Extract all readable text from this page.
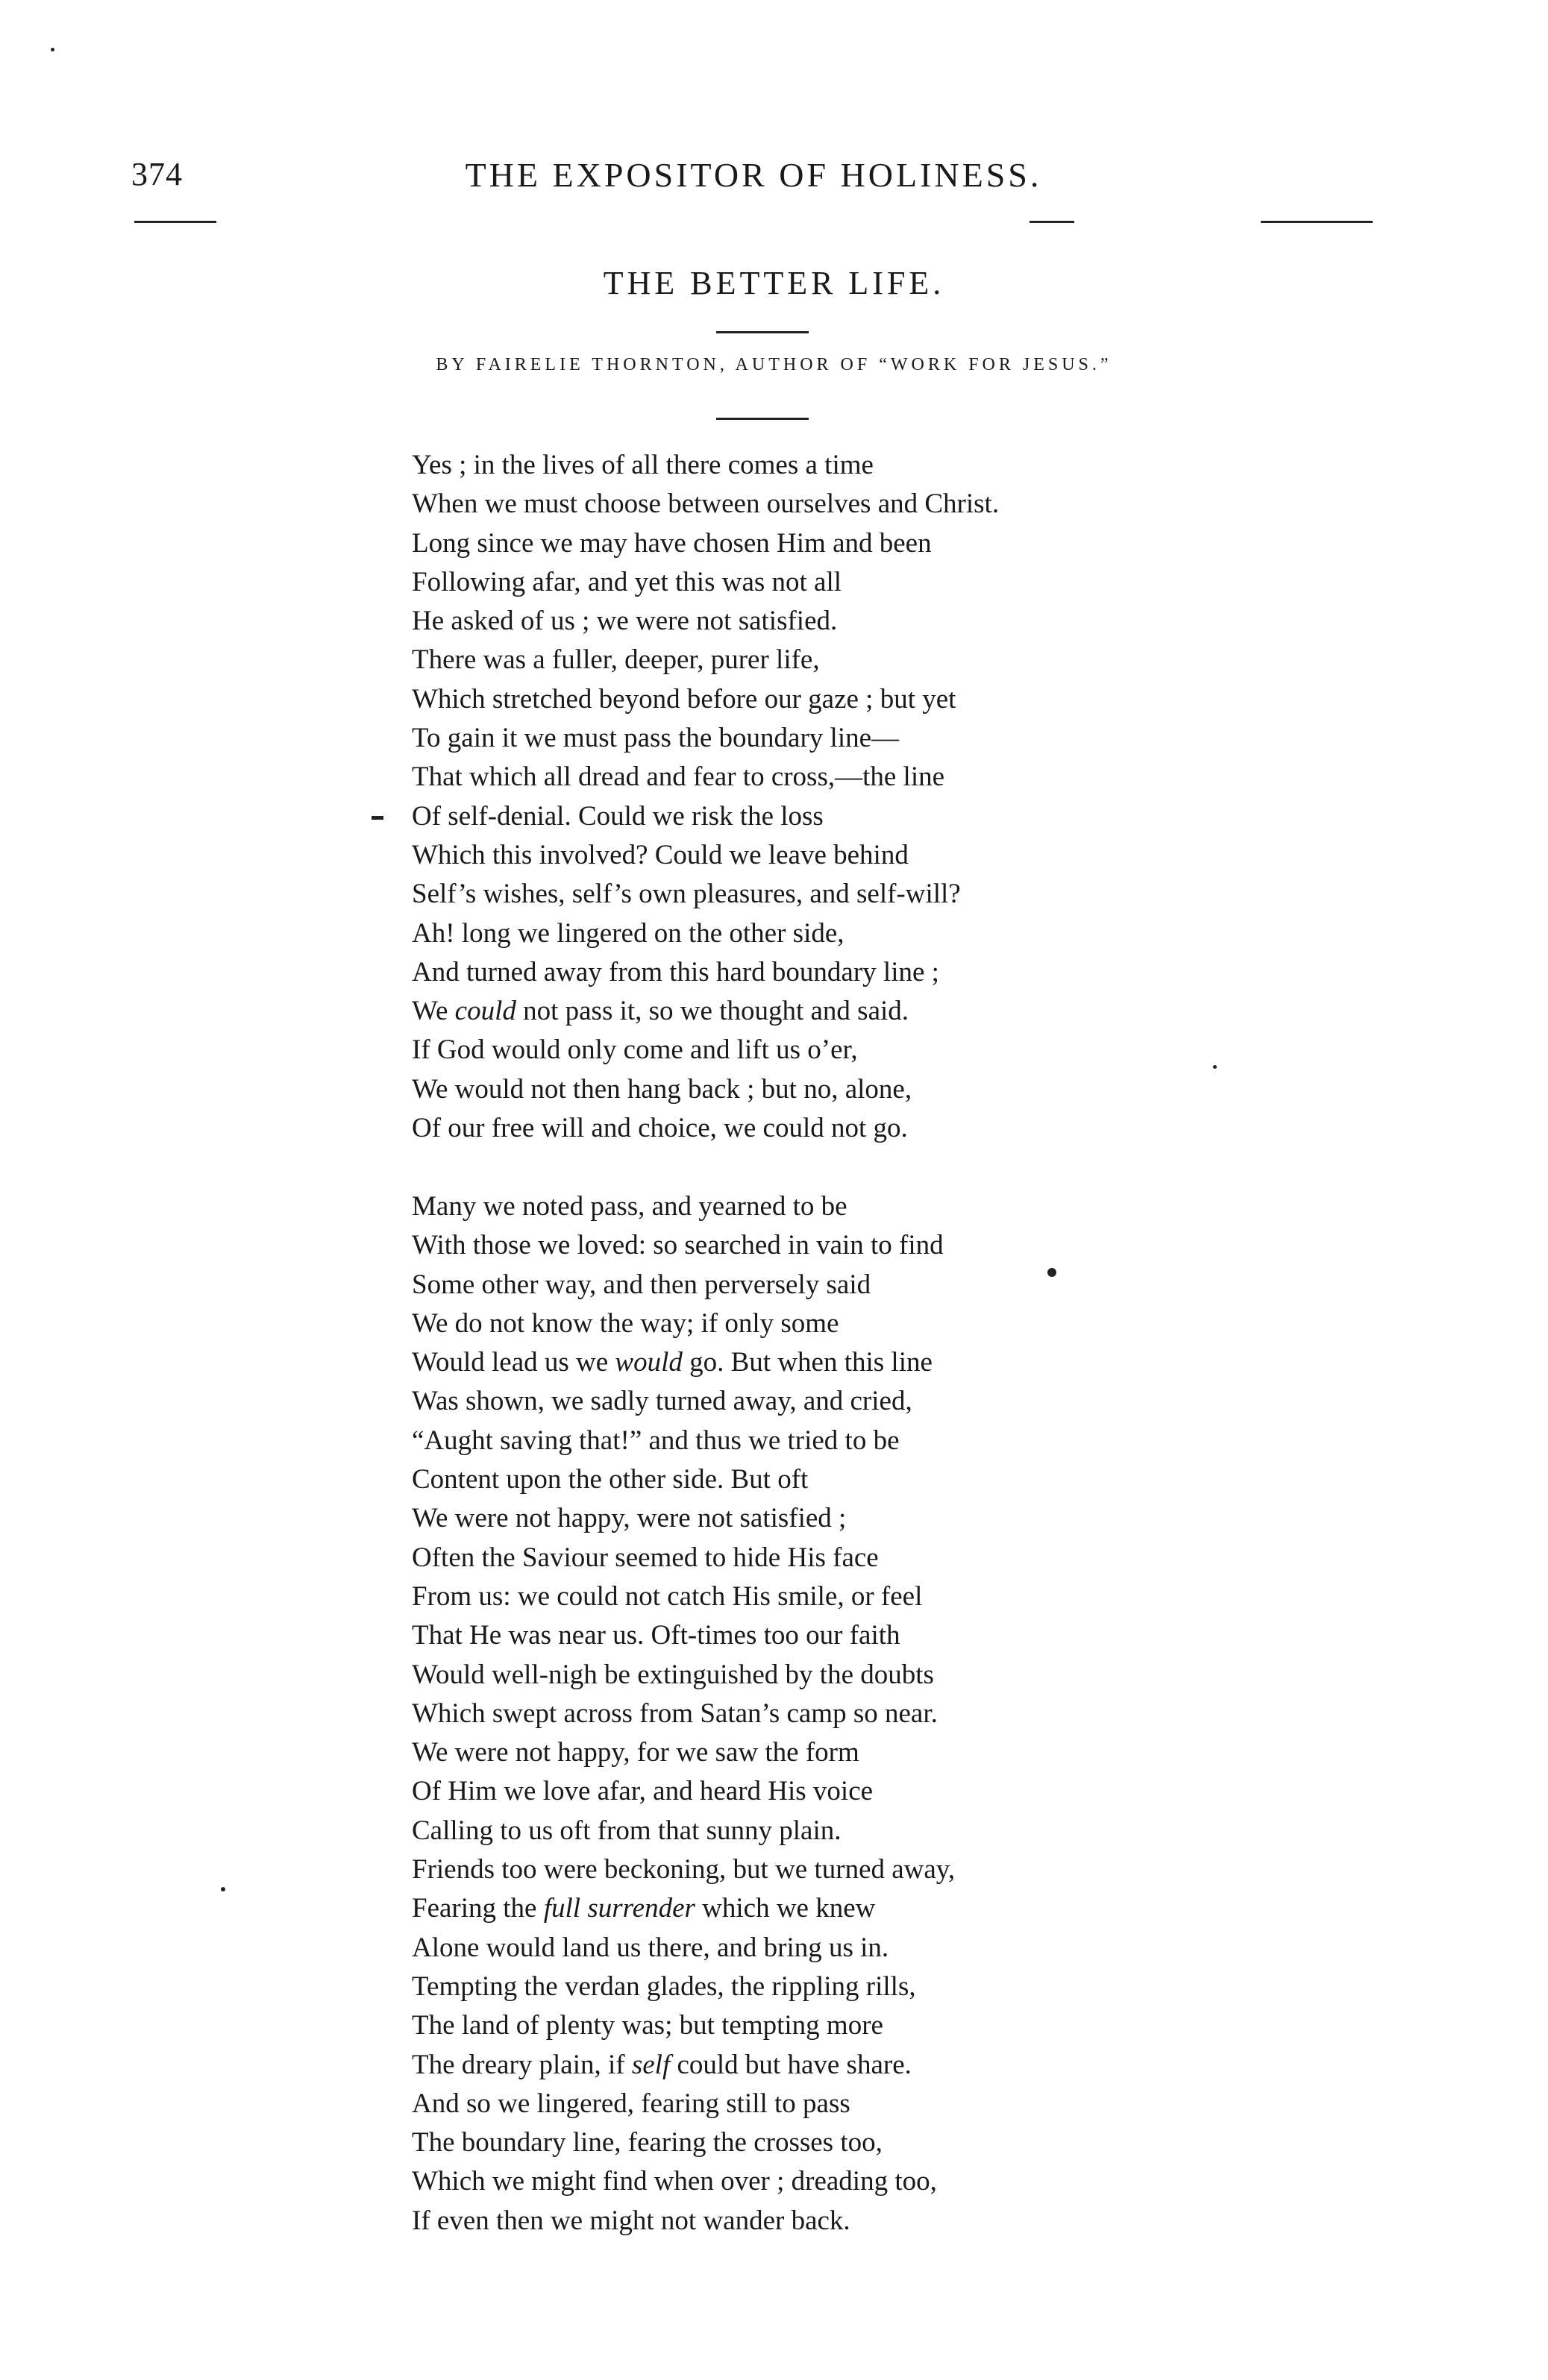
374	THE EXPOSITOR OF HOLINESS.
THE BETTER LIFE.
BY FAIRELIE THORNTON, AUTHOR OF “WORK FOR JESUS.”
Yes ; in the lives of all there comes a time
When we must choose between ourselves and Christ.
Long since we may have chosen Him and been
Following afar, and yet this was not all
He asked of us ; we were not satisfied.
There was a fuller, deeper, purer life,
Which stretched beyond before our gaze ; but yet
To gain it we must pass the boundary line—
That which all dread and fear to cross,—the line
Of self-denial. Could we risk the loss
Which this involved? Could we leave behind
Self’s wishes, self’s own pleasures, and self-will?
Ah! long we lingered on the other side,
And turned away from this hard boundary line ;
We could not pass it, so we thought and said.
If God would only come and lift us o’er,
We would not then hang back ; but no, alone,
Of our free will and choice, we could not go.
Many we noted pass, and yearned to be
With those we loved: so searched in vain to find
Some other way, and then perversely said
We do not know the way; if only some
Would lead us we would go. But when this line
Was shown, we sadly turned away, and cried,
“Aught saving that!” and thus we tried to be
Content upon the other side. But oft
We were not happy, were not satisfied ;
Often the Saviour seemed to hide His face
From us: we could not catch His smile, or feel
That He was near us. Oft-times too our faith
Would well-nigh be extinguished by the doubts
Which swept across from Satan’s camp so near.
We were not happy, for we saw the form
Of Him we love afar, and heard His voice
Calling to us oft from that sunny plain.
Friends too were beckoning, but we turned away,
Fearing the full surrender which we knew
Alone would land us there, and bring us in.
Tempting the verdan glades, the rippling rills,
The land of plenty was; but tempting more
The dreary plain, if self could but have share.
And so we lingered, fearing still to pass
The boundary line, fearing the crosses too,
Which we might find when over ; dreading too,
If even then we might not wander back.
